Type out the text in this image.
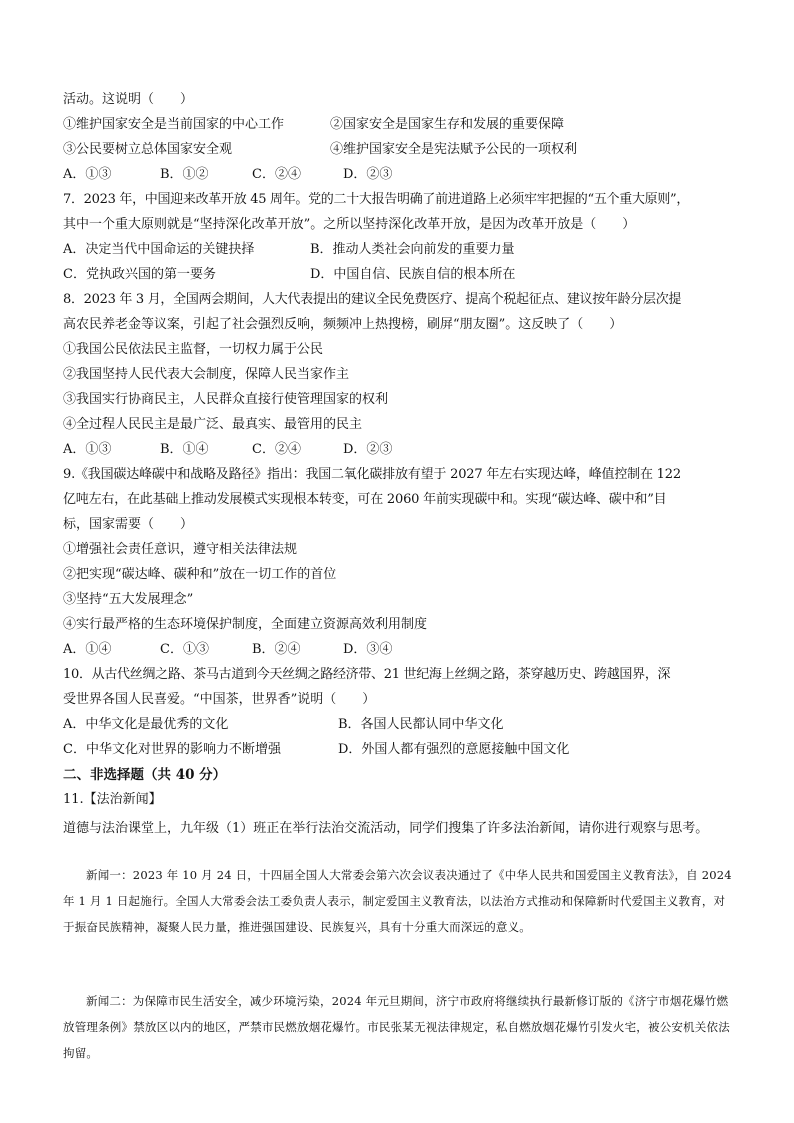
活动。这说明（　　）
①维护国家安全是当前国家的中心工作	②国家安全是国家生存和发展的重要保障
③公民要树立总体国家安全观	④维护国家安全是宪法赋予公民的一项权利
A．①③	B．①②	C．②④	D．②③
7．2023 年，中国迎来改革开放 45 周年。党的二十大报告明确了前进道路上必须牢牢把握的“五个重大原则”，
其中一个重大原则就是“坚持深化改革开放”。之所以坚持深化改革开放，是因为改革开放是（　　）
A．决定当代中国命运的关键抉择	B．推动人类社会向前发的重要力量
C．党执政兴国的第一要务	D．中国自信、民族自信的根本所在
8．2023 年 3 月，全国两会期间，人大代表提出的建议全民免费医疗、提高个税起征点、建议按年龄分层次提
高农民养老金等议案，引起了社会强烈反响，频频冲上热搜榜，刷屏“朋友圈”。这反映了（　　）
①我国公民依法民主监督，一切权力属于公民
②我国坚持人民代表大会制度，保障人民当家作主
③我国实行协商民主，人民群众直接行使管理国家的权利
④全过程人民民主是最广泛、最真实、最管用的民主
A．①③	B．①④	C．②④	D．②③
9.《我国碳达峰碳中和战略及路径》指出：我国二氧化碳排放有望于 2027 年左右实现达峰，峰值控制在 122
亿吨左右，在此基础上推动发展模式实现根本转变，可在 2060 年前实现碳中和。实现“碳达峰、碳中和”目
标，国家需要（　　）
①增强社会责任意识，遵守相关法律法规
②把实现“碳达峰、碳种和”放在一切工作的首位
③坚持“五大发展理念”
④实行最严格的生态环境保护制度，全面建立资源高效利用制度
A．①④	C．①③	B．②④	D．③④
10．从古代丝绸之路、茶马古道到今天丝绸之路经济带、21 世纪海上丝绸之路，茶穿越历史、跨越国界，深
受世界各国人民喜爱。“中国茶，世界香”说明（　　）
A．中华文化是最优秀的文化	B．各国人民都认同中华文化
C．中华文化对世界的影响力不断增强	D．外国人都有强烈的意愿接触中国文化
二、非选择题（共 40 分）
11.【法治新闻】
道德与法治课堂上，九年级（1）班正在举行法治交流活动，同学们搜集了许多法治新闻，请你进行观察与思考。
新闻一：2023 年 10 月 24 日，十四届全国人大常委会第六次会议表决通过了《中华人民共和国爱国主义教育法》，自 2024 年 1 月 1 日起施行。全国人大常委会法工委负责人表示，制定爱国主义教育法，以法治方式推动和保障新时代爱国主义教育，对于振奋民族精神，凝聚人民力量，推进强国建设、民族复兴，具有十分重大而深远的意义。
新闻二：为保障市民生活安全，减少环境污染，2024 年元旦期间，济宁市政府将继续执行最新修订版的《济宁市烟花爆竹燃放管理条例》禁放区以内的地区，严禁市民燃放烟花爆竹。市民张某无视法律规定，私自燃放烟花爆竹引发火宅，被公安机关依法拘留。
